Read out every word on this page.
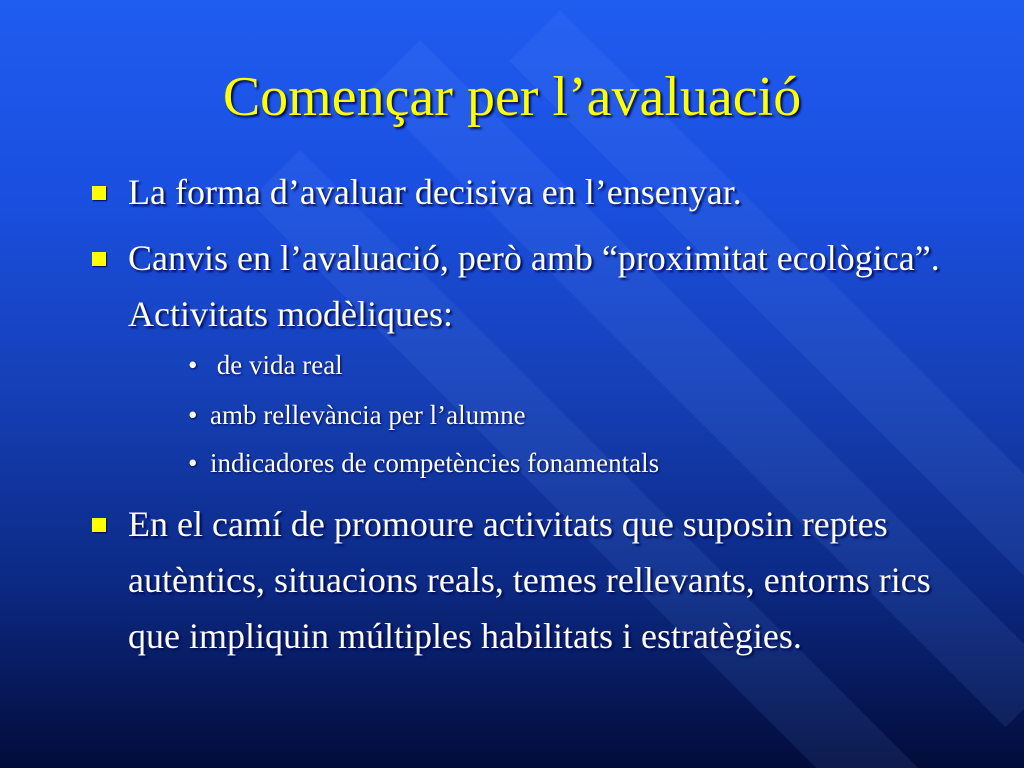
Començar per l’avaluació
La forma d’avaluar decisiva en l’ensenyar.
Canvis en l’avaluació, però amb “proximitat ecològica”. Activitats modèliques:
• de vida real
• amb rellevància per l’alumne
• indicadores de competències fonamentals
En el camí de promoure activitats que suposin reptes autèntics, situacions reals, temes rellevants, entorns rics que impliquin múltiples habilitats i estratègies.
